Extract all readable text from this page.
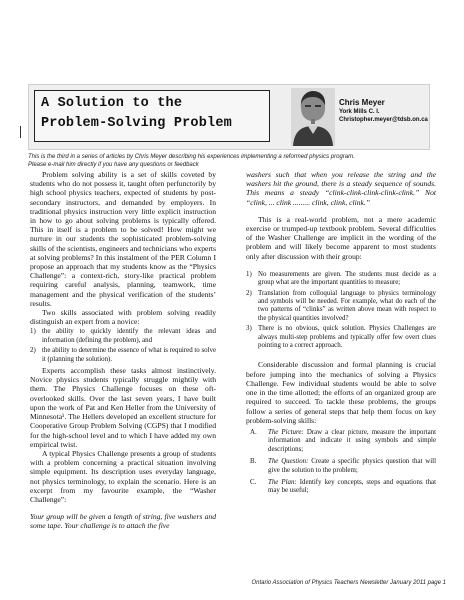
A Solution to the
Problem-Solving Problem
Chris Meyer
York Mills C. I.
Christopher.meyer@tdsb.on.ca
This is the third in a series of articles by Chris Meyer describing his experiences implementing a reformed physics program.
Please e-mail him directly if you have any questions or feedback

Problem solving ability is a set of skills coveted by students who do not possess it, taught often perfunctorily by high school physics teachers, expected of students by post-secondary instructors, and demanded by employers. In traditional physics instruction very little explicit instruction in how to go about solving problems is typically offered. This in itself is a problem to be solved! How might we nurture in our students the sophisticated problem-solving skills of the scientists, engineers and technicians who experts at solving problems? In this instalment of the PER Column I propose an approach that my students know as the “Physics Challenge”: a context-rich, story-like practical problem requiring careful analysis, planning, teamwork, time management and the physical verification of the students’ results.

Two skills associated with problem solving readily distinguish an expert from a novice:

1) the ability to quickly identify the relevant ideas and information (defining the problem), and
2) the ability to determine the essence of what is required to solve it (planning the solution).

Experts accomplish these tasks almost instinctively. Novice physics students typically struggle mightily with them. The Physics Challenge focuses on these oft-overlooked skills. Over the last seven years, I have built upon the work of Pat and Ken Heller from the University of Minnesota¹. The Hellers developed an excellent structure for Cooperative Group Problem Solving (CGPS) that I modified for the high-school level and to which I have added my own empirical twist.

A typical Physics Challenge presents a group of students with a problem concerning a practical situation involving simple equipment. Its description uses everyday language, not physics terminology, to explain the scenario. Here is an excerpt from my favourite example, the “Washer Challenge”:

Your group will be given a length of string, five washers and some tape. Your challenge is to attach the five

washers such that when you release the string and the washers hit the ground, there is a steady sequence of sounds. This means a steady “clink-clink-clink-clink-clink.” Not “clink, ... clink ......... clink, clink, clink.”

This is a real-world problem, not a mere academic exercise or trumped-up textbook problem. Several difficulties of the Washer Challenge are implicit in the wording of the problem and will likely become apparent to most students only after discussion with their group:

1) No measurements are given. The students must decide as a group what are the important quantities to measure;
2) Translation from colloquial language to physics terminology and symbols will be needed. For example, what do each of the two patterns of “clinks” as written above mean with respect to the physical quantities involved?
3) There is no obvious, quick solution. Physics Challenges are always multi-step problems and typically offer few overt clues pointing to a correct approach.

Considerable discussion and formal planning is crucial before jumping into the mechanics of solving a Physics Challenge. Few individual students would be able to solve one in the time allotted; the efforts of an organized group are required to succeed. To tackle these problems, the groups follow a series of general steps that help them focus on key problem-solving skills:

A. The Picture: Draw a clear picture, measure the important information and indicate it using symbols and simple descriptions;
B. The Question: Create a specific physics question that will give the solution to the problem;
C. The Plan: Identify key concepts, steps and equations that may be useful;
Ontario Association of Physics Teachers Newsletter January 2011 page 1
